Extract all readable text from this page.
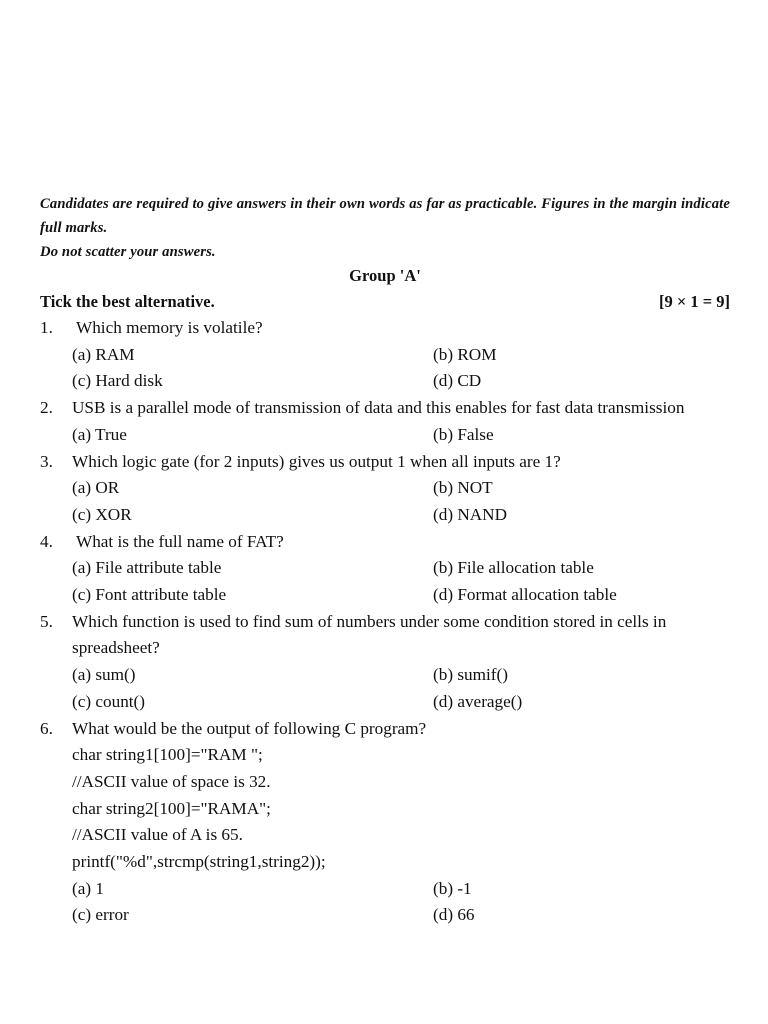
Candidates are required to give answers in their own words as far as practicable. Figures in the margin indicate full marks.
Do not scatter your answers.
Group 'A'
Tick the best alternative.	[9 × 1 = 9]
1.	Which memory is volatile?
(a) RAM	(b) ROM
(c) Hard disk	(d) CD
2.	USB is a parallel mode of transmission of data and this enables for fast data transmission
(a) True	(b) False
3.	Which logic gate (for 2 inputs) gives us output 1 when all inputs are 1?
(a) OR	(b) NOT
(c) XOR	(d) NAND
4.	What is the full name of FAT?
(a) File attribute table	(b) File allocation table
(c) Font attribute table	(d) Format allocation table
5.	Which function is used to find sum of numbers under some condition stored in cells in spreadsheet?
(a) sum()	(b) sumif()
(c) count()	(d) average()
6.	What would be the output of following C program?
char string1[100]="RAM ";
//ASCII value of space is 32.
char string2[100]="RAMA";
//ASCII value of A is 65.
printf("%d",strcmp(string1,string2));
(a) 1	(b) -1
(c) error	(d) 66
